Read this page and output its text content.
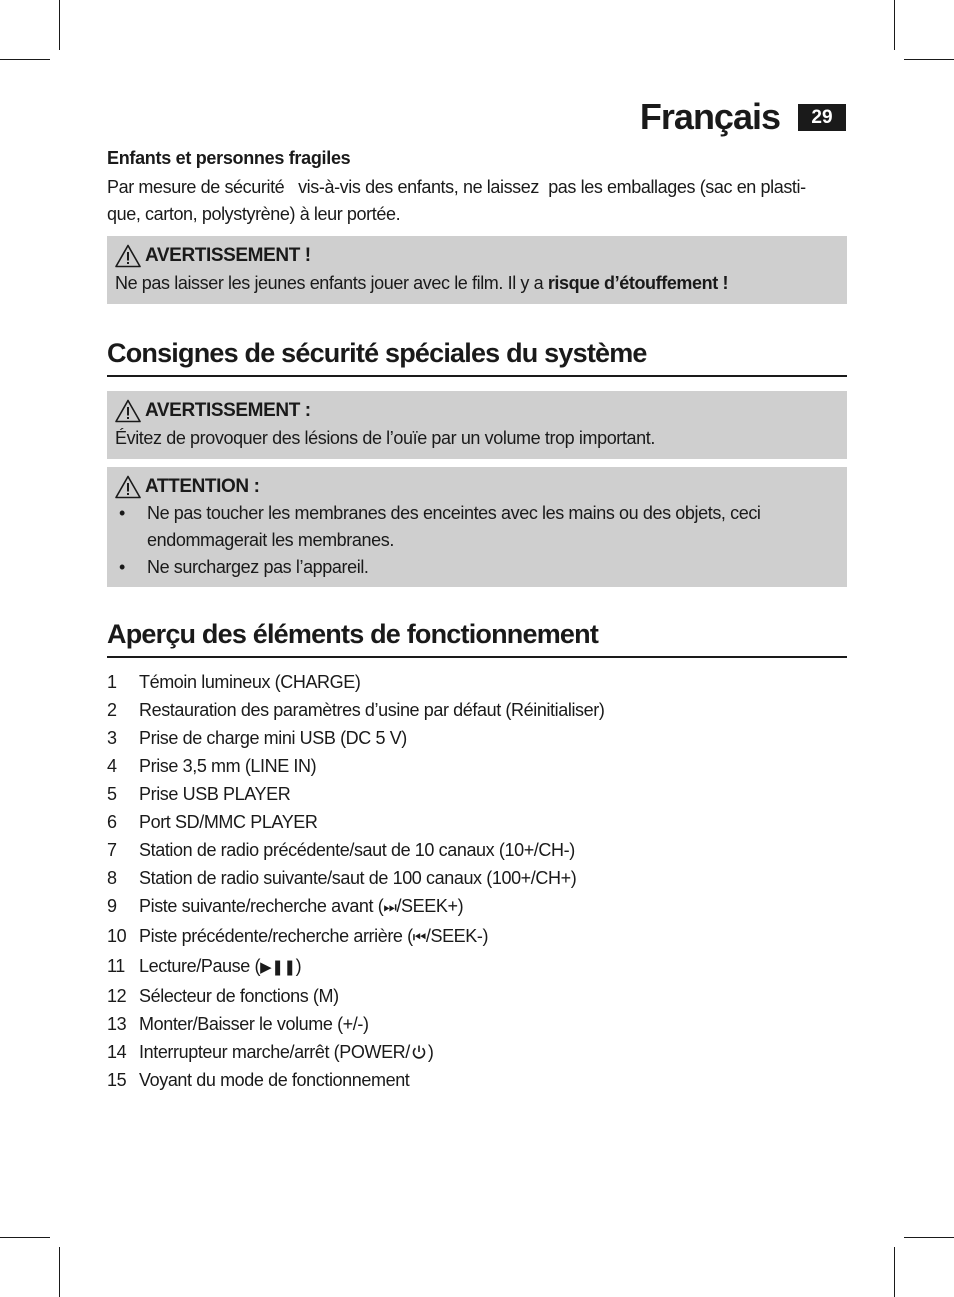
Français	29

Enfants et personnes fragiles

Par mesure de sécurité   vis-à-vis des enfants, ne laissez  pas les emballages (sac en plasti-
que, carton, polystyrène) à leur portée.

AVERTISSEMENT !
Ne pas laisser les jeunes enfants jouer avec le film. Il y a risque d’étouffement !
Consignes de sécurité spéciales du système
AVERTISSEMENT :
Évitez de provoquer des lésions de l’ouïe par un volume trop important.
ATTENTION :
• Ne pas toucher les membranes des enceintes avec les mains ou des objets, ceci
endommagerait les membranes.
• Ne surchargez pas l’appareil.
Aperçu des éléments de fonctionnement
1	Témoin lumineux (CHARGE)
2	Restauration des paramètres d’usine par défaut (Réinitialiser)
3	Prise de charge mini USB (DC 5 V)
4	Prise 3,5 mm (LINE IN)
5	Prise USB PLAYER
6	Port SD/MMC PLAYER
7	Station de radio précédente/saut de 10 canaux (10+/CH-)
8	Station de radio suivante/saut de 100 canaux (100+/CH+)
9	Piste suivante/recherche avant (⏭/SEEK+)
10 Piste précédente/recherche arrière (⏮/SEEK-)
11 Lecture/Pause (▶❚❚)
12 Sélecteur de fonctions (M)
13 Monter/Baisser le volume (+/-)
14 Interrupteur marche/arrêt (POWER/ )
15 Voyant du mode de fonctionnement
